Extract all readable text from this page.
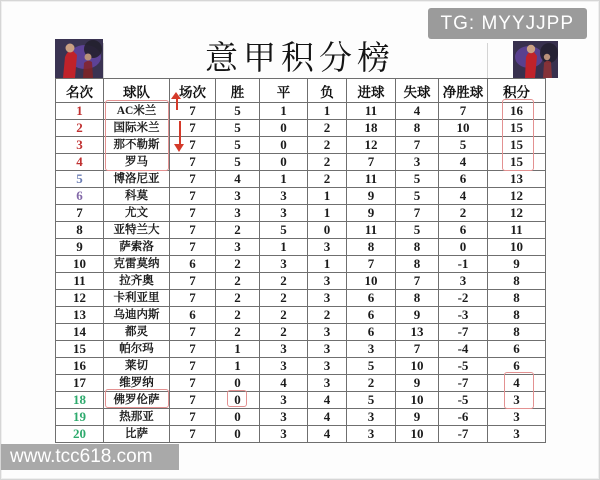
TG: MYYJJPP
意甲积分榜
名次	球队	场次	胜	平	负	进球	失球	净胜球	积分
1	AC米兰	7	5	1	1	11	4	7	16
2	国际米兰	7	5	0	2	18	8	10	15
3	那不勒斯	7	5	0	2	12	7	5	15
4	罗马	7	5	0	2	7	3	4	15
5	博洛尼亚	7	4	1	2	11	5	6	13
6	科莫	7	3	3	1	9	5	4	12
7	尤文	7	3	3	1	9	7	2	12
8	亚特兰大	7	2	5	0	11	5	6	11
9	萨索洛	7	3	1	3	8	8	0	10
10	克雷莫纳	6	2	3	1	7	8	-1	9
11	拉齐奥	7	2	2	3	10	7	3	8
12	卡利亚里	7	2	2	3	6	8	-2	8
13	乌迪内斯	6	2	2	2	6	9	-3	8
14	都灵	7	2	2	3	6	13	-7	8
15	帕尔玛	7	1	3	3	3	7	-4	6
16	莱切	7	1	3	3	5	10	-5	6
17	维罗纳	7	0	4	3	2	9	-7	4
18	佛罗伦萨	7	0	3	4	5	10	-5	3
19	热那亚	7	0	3	4	3	9	-6	3
20	比萨	7	0	3	4	3	10	-7	3
www.tcc618.com
